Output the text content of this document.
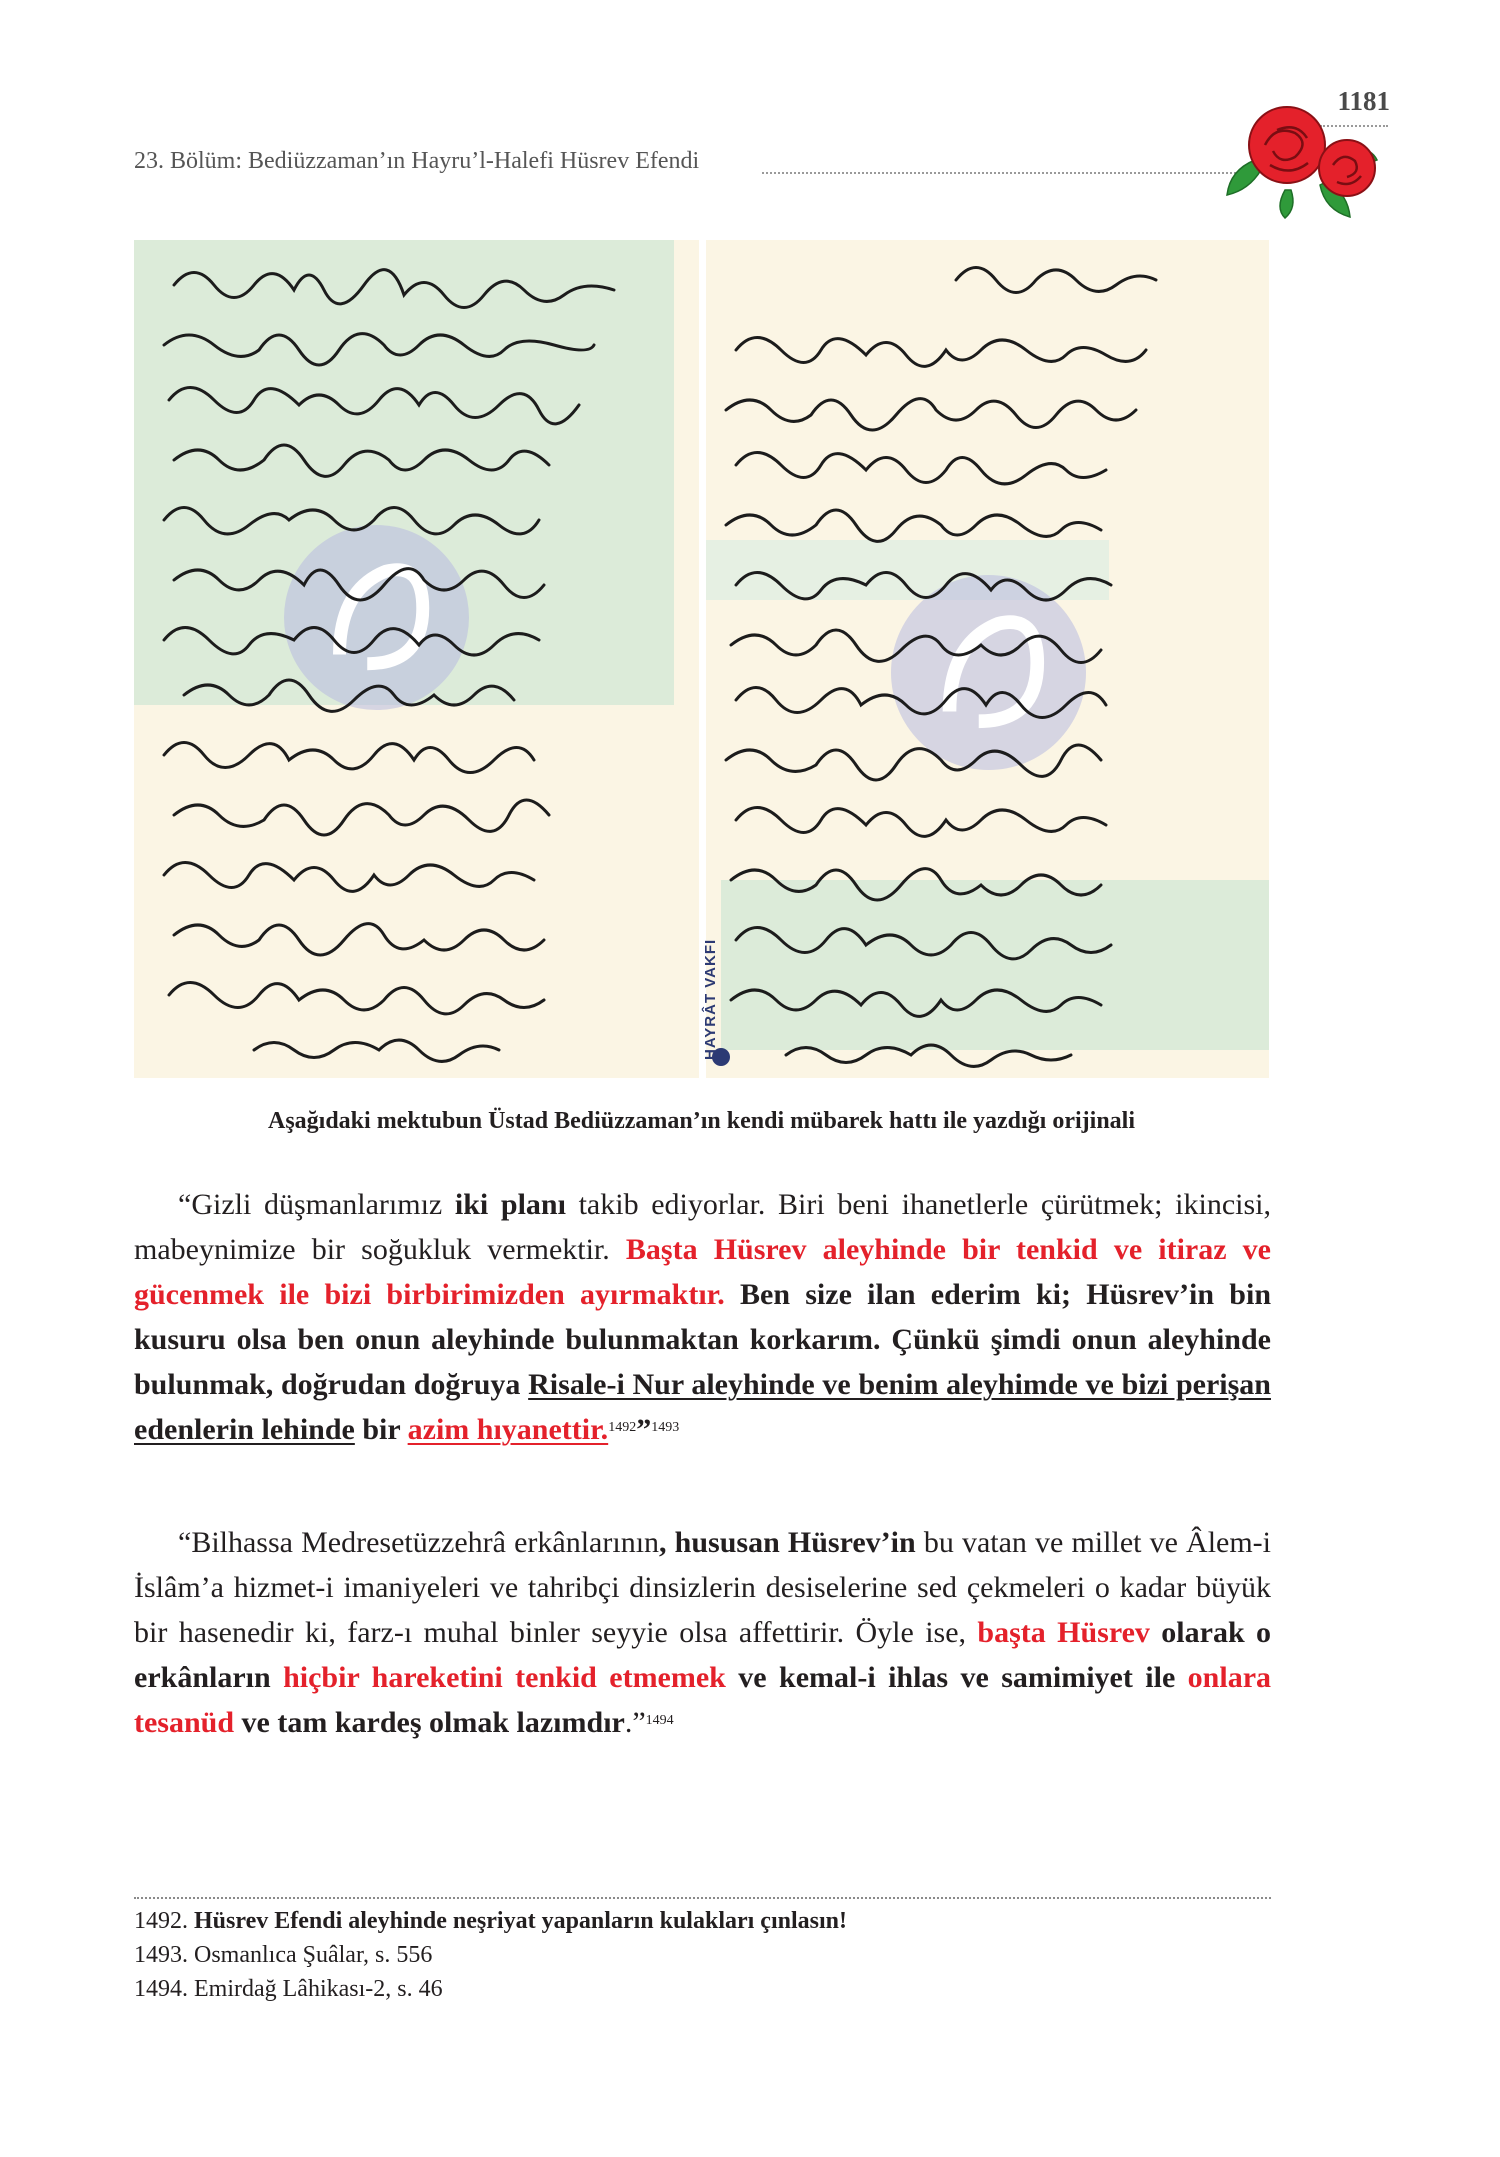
1181
23. Bölüm: Bediüzzaman’ın Hayru’l-Halefi Hüsrev Efendi
HAYRÂT VAKFI
Aşağıdaki mektubun Üstad Bediüzzaman’ın kendi mübarek hattı ile yazdığı orijinali

“Gizli düşmanlarımız iki planı takib ediyorlar. Biri beni ihanetlerle çürütmek; ikincisi, mabeynimize bir soğukluk vermektir. Başta Hüsrev aleyhinde bir tenkid ve itiraz ve gücenmek ile bizi birbirimizden ayırmaktır. Ben size ilan ederim ki; Hüsrev’in bin kusuru olsa ben onun aleyhinde bulunmaktan korkarım. Çünkü şimdi onun aleyhinde bulunmak, doğrudan doğruya Risale-i Nur aleyhinde ve benim aleyhimde ve bizi perişan edenlerin lehinde bir azim hıyanettir.$^{1492}$”$^{1493}$

“Bilhassa Medresetüzzehrâ erkânlarının, hususan Hüsrev’in bu vatan ve millet ve Âlem-i İslâm’a hizmet-i imaniyeleri ve tahribçi dinsizlerin desiselerine sed çekmeleri o kadar büyük bir hasenedir ki, farz-ı muhal binler seyyie olsa affettirir. Öyle ise, başta Hüsrev olarak o erkânların hiçbir hareketini tenkid etmemek ve kemal-i ihlas ve samimiyet ile onlara tesanüd ve tam kardeş olmak lazımdır.”$^{1494}$

1492. Hüsrev Efendi aleyhinde neşriyat yapanların kulakları çınlasın!
1493. Osmanlıca Şuâlar, s. 556
1494. Emirdağ Lâhikası-2, s. 46
